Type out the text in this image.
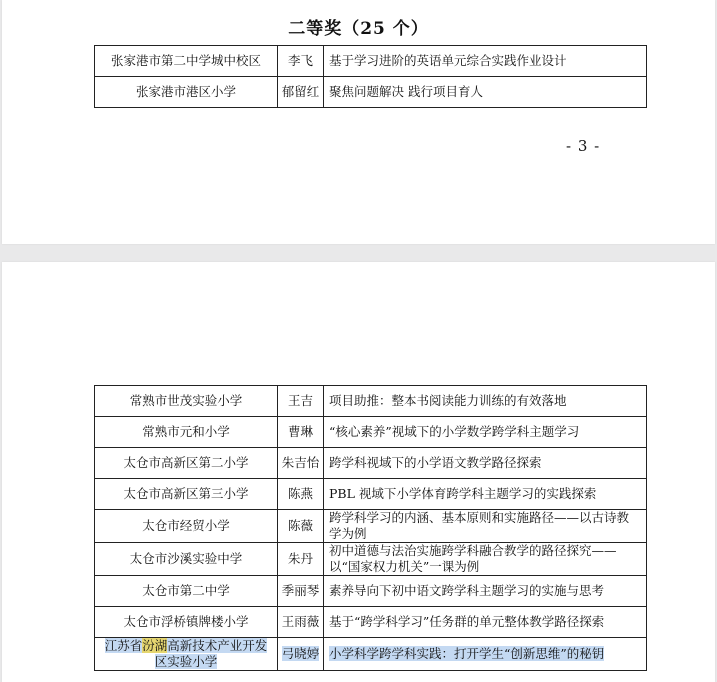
二等奖（25 个）
张家港市第二中学城中校区	李飞	基于学习进阶的英语单元综合实践作业设计
张家港市港区小学	郁留红	聚焦问题解决 践行项目育人
- 3 -
常熟市世茂实验小学	王吉	项目助推：整本书阅读能力训练的有效落地
常熟市元和小学	曹琳	“核心素养”视域下的小学数学跨学科主题学习
太仓市高新区第二小学	朱吉怡	跨学科视域下的小学语文教学路径探索
太仓市高新区第三小学	陈燕	PBL 视域下小学体育跨学科主题学习的实践探索
太仓市经贸小学	陈薇	跨学科学习的内涵、基本原则和实施路径——以古诗教学为例
太仓市沙溪实验中学	朱丹	初中道德与法治实施跨学科融合教学的路径探究——以“国家权力机关”一课为例
太仓市第二中学	季丽琴	素养导向下初中语文跨学科主题学习的实施与思考
太仓市浮桥镇牌楼小学	王雨薇	基于“跨学科学习”任务群的单元整体教学路径探索
江苏省汾湖高新技术产业开发区实验小学	弓晓婷	小学科学跨学科实践：打开学生“创新思维”的秘钥
